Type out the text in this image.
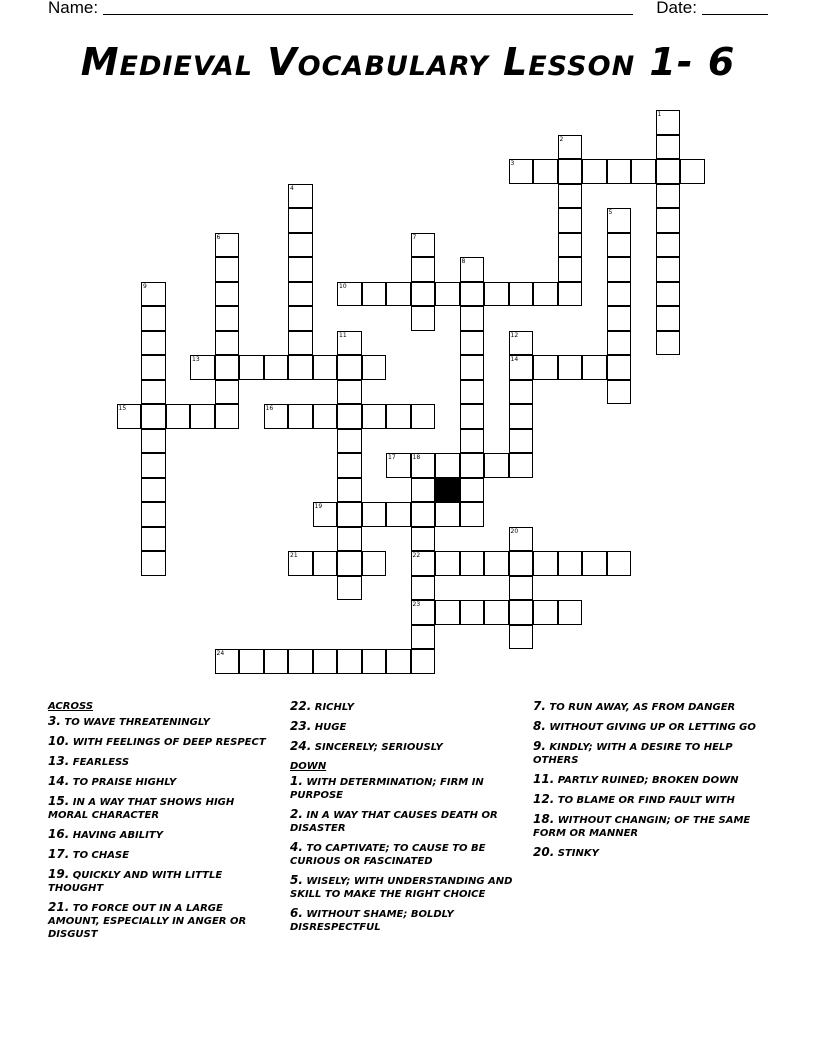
Name:	Date:
Medieval Vocabulary Lesson 1- 6
3
10
13	14
15	16
17	18
19
21	22
23
24
1
2
4
5
6	7
8
9
11	12
20
ACROSS
3. TO WAVE THREATENINGLY
10. WITH FEELINGS OF DEEP RESPECT
13. FEARLESS
14. TO PRAISE HIGHLY
15. IN A WAY THAT SHOWS HIGH MORAL CHARACTER
16. HAVING ABILITY
17. TO CHASE
19. QUICKLY AND WITH LITTLE THOUGHT
21. TO FORCE OUT IN A LARGE AMOUNT, ESPECIALLY IN ANGER OR DISGUST
22. RICHLY
23. HUGE
24. SINCERELY; SERIOUSLY
DOWN
1. WITH DETERMINATION; FIRM IN PURPOSE
2. IN A WAY THAT CAUSES DEATH OR DISASTER
4. TO CAPTIVATE; TO CAUSE TO BE CURIOUS OR FASCINATED
5. WISELY; WITH UNDERSTANDING AND SKILL TO MAKE THE RIGHT CHOICE
6. WITHOUT SHAME; BOLDLY DISRESPECTFUL
7. TO RUN AWAY, AS FROM DANGER
8. WITHOUT GIVING UP OR LETTING GO
9. KINDLY; WITH A DESIRE TO HELP OTHERS
11. PARTLY RUINED; BROKEN DOWN
12. TO BLAME OR FIND FAULT WITH
18. WITHOUT CHANGIN; OF THE SAME FORM OR MANNER
20. STINKY
